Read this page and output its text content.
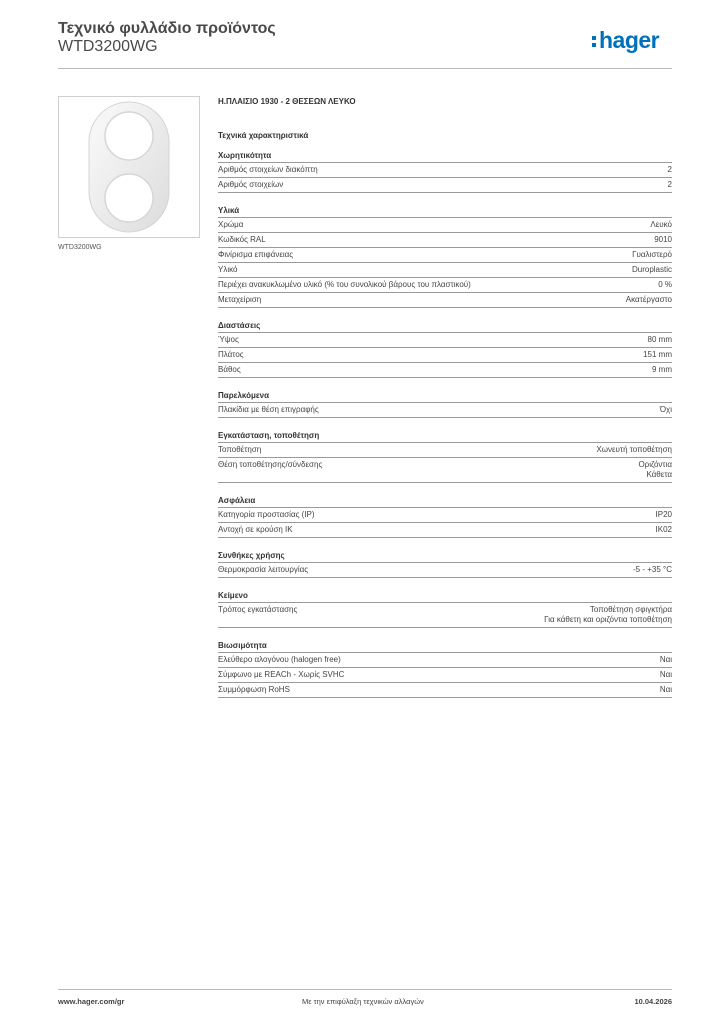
Τεχνικό φυλλάδιο προϊόντος
WTD3200WG	hager
WTD3200WG
Η.ΠΛΑΙΣΙΟ 1930 - 2 ΘΕΣΕΩΝ ΛΕΥΚΟ
Τεχνικά χαρακτηριστικά
Χωρητικότητα
Αριθμός στοιχείων διακόπτη	2
Αριθμός στοιχείων	2
Υλικά
Χρώμα	Λευκό
Κωδικός RAL	9010
Φινίρισμα επιφάνειας	Γυαλιστερό
Υλικό	Duroplastic
Περιέχει ανακυκλωμένο υλικό (% του συνολικού βάρους του πλαστικού)	0 %
Μεταχείριση	Ακατέργαστο
Διαστάσεις
Ύψος	80 mm
Πλάτος	151 mm
Βάθος	9 mm
Παρελκόμενα
Πλακίδια με θέση επιγραφής	Όχι
Εγκατάσταση, τοποθέτηση
Τοποθέτηση	Χωνευτή τοποθέτηση
Θέση τοποθέτησης/σύνδεσης	Οριζόντια
Κάθετα
Ασφάλεια
Κατηγορία προστασίας (IP)	IP20
Αντοχή σε κρούση IK	IK02
Συνθήκες χρήσης
Θερμοκρασία λειτουργίας	-5 - +35 °C
Κείμενο
Τρόπος εγκατάστασης	Τοποθέτηση σφιγκτήρα
Για κάθετη και οριζόντια τοποθέτηση
Βιωσιμότητα
Ελεύθερο αλογόνου (halogen free)	Ναι
Σύμφωνο με REACh - Χωρίς SVHC	Ναι
Συμμόρφωση RoHS	Ναι
www.hager.com/gr	Με την επιφύλαξη τεχνικών αλλαγών	10.04.2026
